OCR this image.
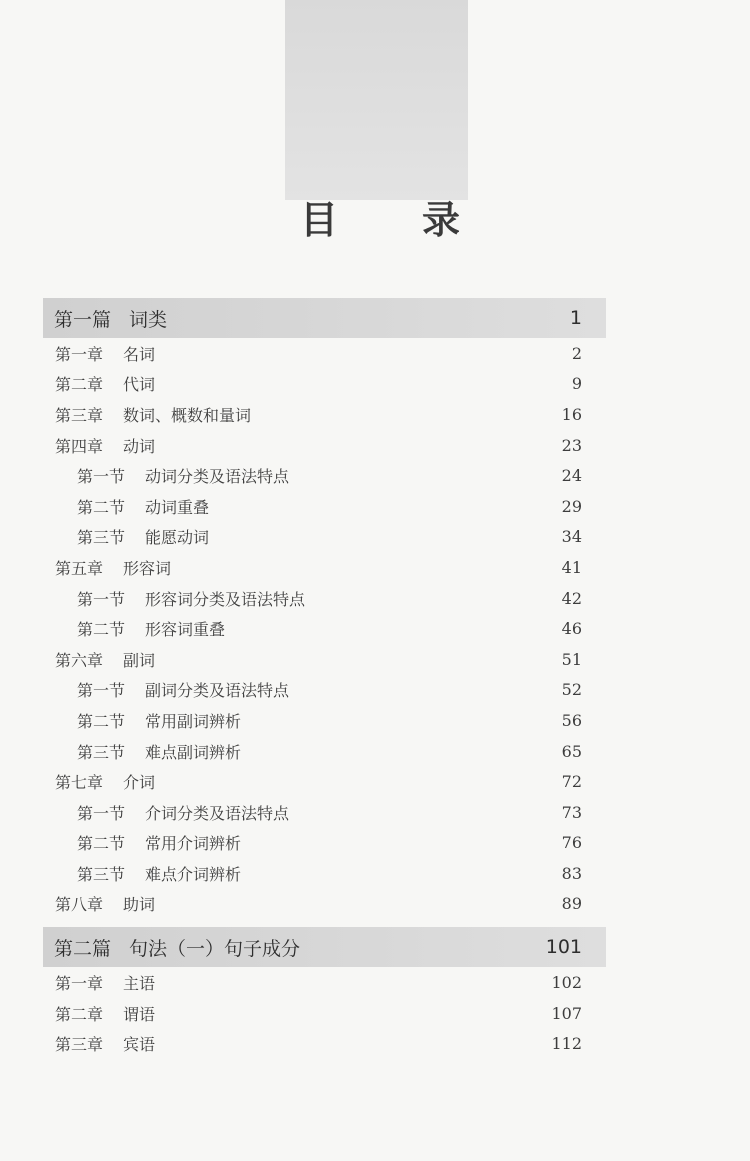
目 录
第一篇 词类	1
第一章 名词	2
第二章 代词	9
第三章 数词、概数和量词	16
第四章 动词	23
第一节 动词分类及语法特点	24
第二节 动词重叠	29
第三节 能愿动词	34
第五章 形容词	41
第一节 形容词分类及语法特点	42
第二节 形容词重叠	46
第六章 副词	51
第一节 副词分类及语法特点	52
第二节 常用副词辨析	56
第三节 难点副词辨析	65
第七章 介词	72
第一节 介词分类及语法特点	73
第二节 常用介词辨析	76
第三节 难点介词辨析	83
第八章 助词	89
第二篇 句法（一）句子成分	101
第一章 主语	102
第二章 谓语	107
第三章 宾语	112
